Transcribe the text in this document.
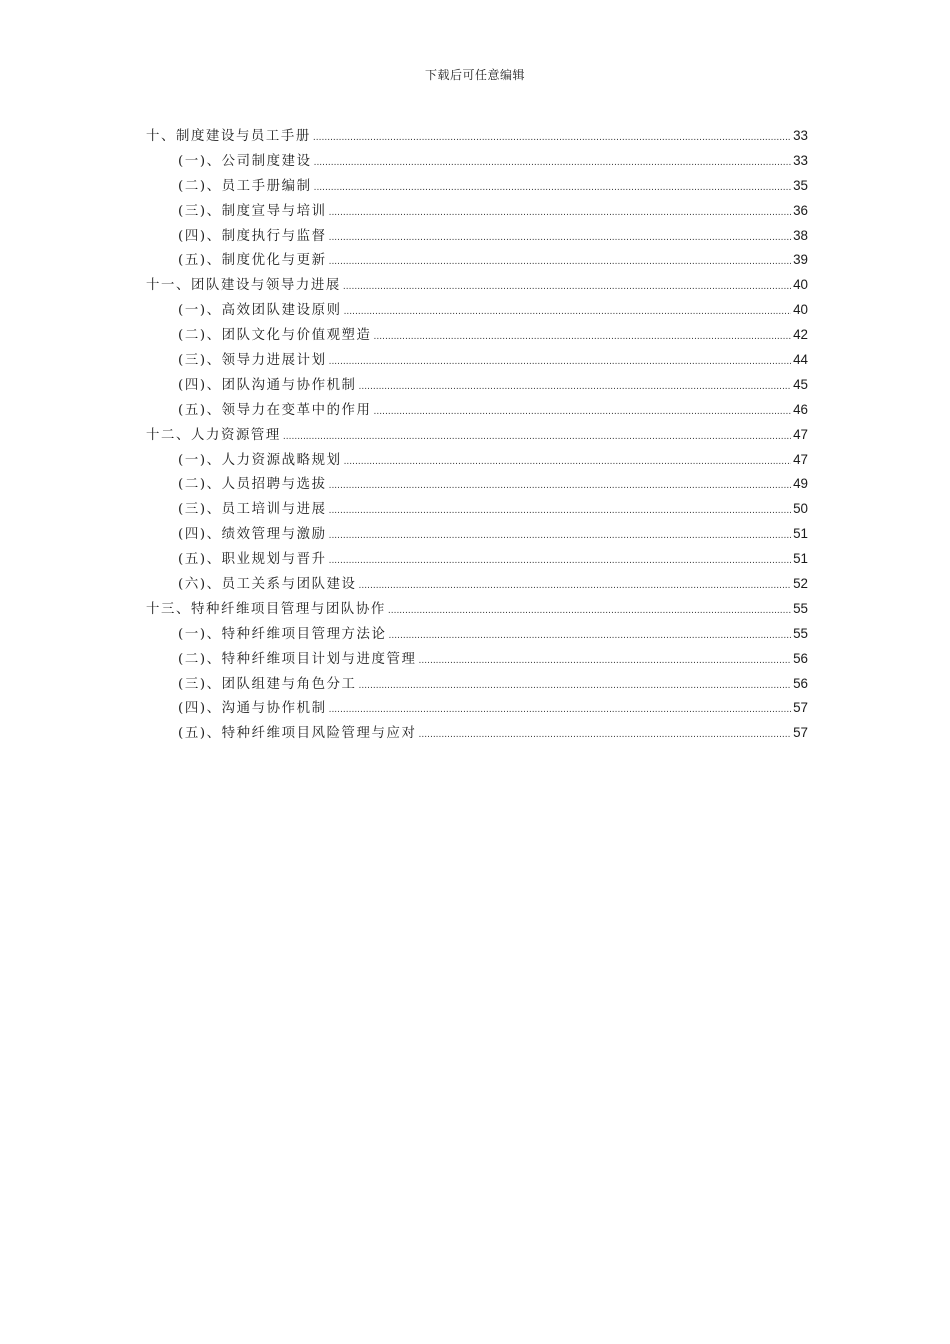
下载后可任意编辑
十、制度建设与员工手册 .....	33
(一)、公司制度建设 .....	33
(二)、员工手册编制 .....	35
(三)、制度宣导与培训 .....	36
(四)、制度执行与监督 .....	38
(五)、制度优化与更新 .....	39
十一、团队建设与领导力进展 .....	40
(一)、高效团队建设原则 .....	40
(二)、团队文化与价值观塑造 .....	42
(三)、领导力进展计划 .....	44
(四)、团队沟通与协作机制 .....	45
(五)、领导力在变革中的作用 .....	46
十二、人力资源管理 .....	47
(一)、人力资源战略规划 .....	47
(二)、人员招聘与选拔 .....	49
(三)、员工培训与进展 .....	50
(四)、绩效管理与激励 .....	51
(五)、职业规划与晋升 .....	51
(六)、员工关系与团队建设 .....	52
十三、特种纤维项目管理与团队协作 .....	55
(一)、特种纤维项目管理方法论 .....	55
(二)、特种纤维项目计划与进度管理 .....	56
(三)、团队组建与角色分工 .....	56
(四)、沟通与协作机制 .....	57
(五)、特种纤维项目风险管理与应对 .....	57
